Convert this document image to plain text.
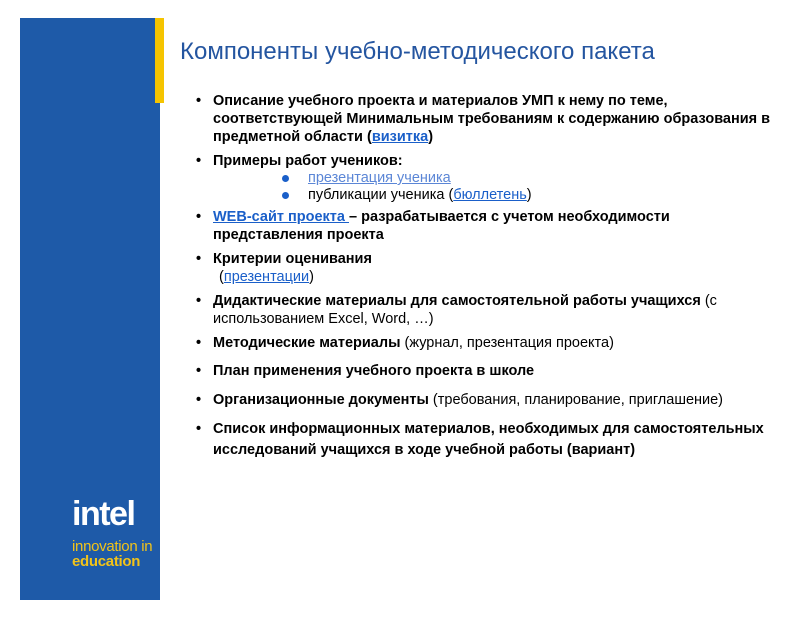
intel
innovation in
education
Компоненты учебно-методического пакета
• Описание учебного проекта и материалов УМП к нему по теме, соответствующей Минимальным требованиям к содержанию образования в предметной области (визитка)
• Примеры работ учеников:
презентация ученика
публикации ученика (бюллетень)
• WEB-сайт проекта – разрабатывается с учетом необходимости представления проекта
• Критерии оценивания
(презентации)
• Дидактические материалы для самостоятельной работы учащихся (с использованием Excel, Word, …)
• Методические материалы (журнал, презентация проекта)
• План применения учебного проекта в школе
• Организационные документы (требования, планирование, приглашение)
• Список информационных материалов, необходимых для самостоятельных исследований учащихся в ходе учебной работы (вариант)
